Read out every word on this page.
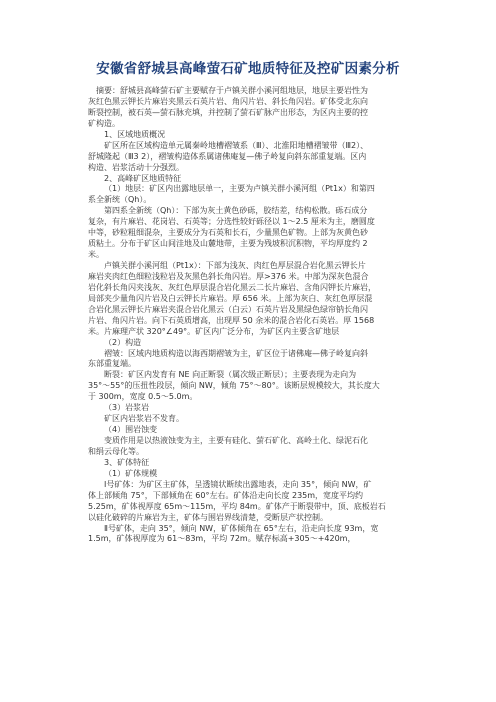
安徽省舒城县高峰萤石矿地质特征及控矿因素分析
摘要：舒城县高峰萤石矿主要赋存于卢镇关群小溪河组地层，地层主要岩性为
灰红色黑云钾长片麻岩夹黑云石英片岩、角闪片岩、斜长角闪岩。矿体受北东向
断裂控制，被石英—萤石脉充填，并控制了萤石矿脉产出形态，为区内主要的控
矿构造。
1、区域地质概况
矿区所在区域构造单元属秦岭地槽褶皱系（Ⅲ）、北淮阳地槽褶皱带（Ⅲ2）、
舒城隆起（Ⅲ3 2），褶皱构造体系属诸佛庵复—佛子岭复向斜东部重复端。区内
构造、岩浆活动十分强烈。
2、高峰矿区地质特征
（1）地层：矿区内出露地层单一，主要为卢镇关群小溪河组（Pt1x）和第四
系全新统（Qh）。
第四系全新统（Qh）：下部为灰土黄色砂砾，胶结差，结构松散。砾石成分
复杂，有片麻岩、花岗岩、石英等；分选性较好砾径以 1～2.5 厘米为主，磨圆度
中等，砂粒粗细混杂，主要成分为石英和长石，少量黑色矿物。上部为灰黄色砂
质粘土。分布于矿区山间洼地及山麓地带，主要为残坡积沉积物，平均厚度约 2
米。
卢镇关群小溪河组（Pt1x）：下部为浅灰、肉红色厚层混合岩化黑云钾长片
麻岩夹肉红色细粒浅粒岩及灰黑色斜长角闪岩。厚>376 米。中部为深灰色混合
岩化斜长角闪夹浅灰、灰红色厚层混合岩化黑云二长片麻岩、含角闪钾长片麻岩，
局部夹少量角闪片岩及白云钾长片麻岩。厚 656 米。上部为灰白、灰红色厚层混
合岩化黑云钾长片麻岩夹混合岩化黑云（白云）石英片岩及黑绿色绿帘钠长角闪
片岩、角闪片岩。向下石英质增高，出现厚 50 余米的混合岩化石英岩。厚 1568
米。片麻理产状 320°∠49°。矿区内广泛分布，为矿区内主要含矿地层
（2）构造
褶皱：区域内地质构造以海西期褶皱为主，矿区位于诸佛庵—佛子岭复向斜
东部重复端。
断裂：矿区内发育有 NE 向正断裂（属次级正断层）；主要表现为走向为
35°～55°的压扭性段层，倾向 NW，倾角 75°～80°。该断层规模较大，其长度大
于 300m，宽度 0.5～5.0m。
（3）岩浆岩
矿区内岩浆岩不发育。
（4）围岩蚀变
变质作用是以热液蚀变为主，主要有硅化、萤石矿化、高岭土化、绿泥石化
和绢云母化等。
3、矿体特征
（1）矿体规模
Ⅰ号矿体：为矿区主矿体，呈透镜状断续出露地表，走向 35°，倾向 NW，矿
体上部倾角 75°，下部倾角在 60°左右。矿体沿走向长度 235m，宽度平均约
5.25m，矿体视厚度 65m～115m，平均 84m。矿体产于断裂带中，顶、底板岩石
以硅化破碎的片麻岩为主，矿体与围岩界线清楚，受断层产状控制。
Ⅱ号矿体，走向 35°，倾向 NW，矿体倾角在 65°左右，沿走向长度 93m，宽
1.5m，矿体视厚度为 61～83m，平均 72m。赋存标高+305～+420m，
